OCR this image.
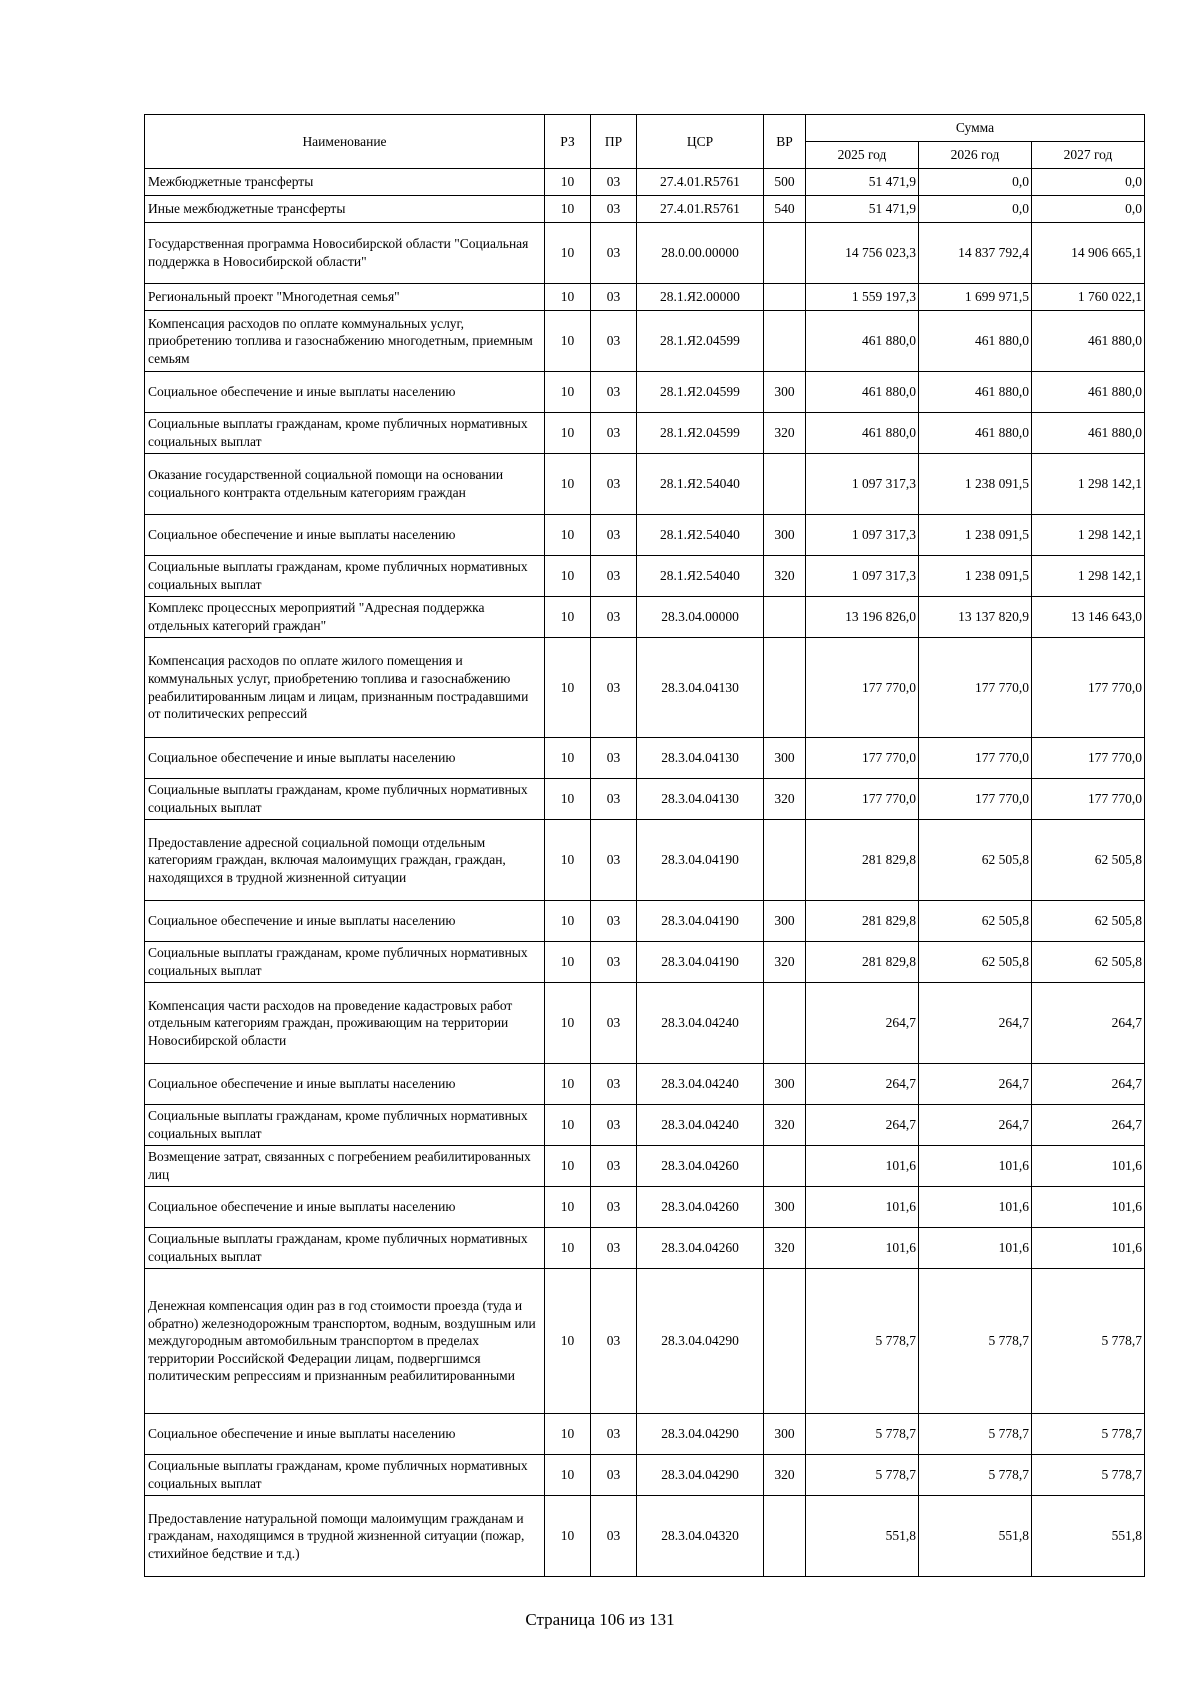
Наименование	РЗ	ПР	ЦСР	ВР	Сумма		
					2025 год	2026 год	2027 год
Межбюджетные трансферты	10	03	27.4.01.R5761	500	51 471,9	0,0	0,0
Иные межбюджетные трансферты	10	03	27.4.01.R5761	540	51 471,9	0,0	0,0
Государственная программа Новосибирской области "Социальная поддержка в Новосибирской области"	10	03	28.0.00.00000		14 756 023,3	14 837 792,4	14 906 665,1
Региональный проект "Многодетная семья"	10	03	28.1.Я2.00000		1 559 197,3	1 699 971,5	1 760 022,1
Компенсация расходов по оплате коммунальных услуг, приобретению топлива и газоснабжению многодетным, приемным семьям	10	03	28.1.Я2.04599		461 880,0	461 880,0	461 880,0
Социальное обеспечение и иные выплаты населению	10	03	28.1.Я2.04599	300	461 880,0	461 880,0	461 880,0
Социальные выплаты гражданам, кроме публичных нормативных социальных выплат	10	03	28.1.Я2.04599	320	461 880,0	461 880,0	461 880,0
Оказание государственной социальной помощи на основании социального контракта отдельным категориям граждан	10	03	28.1.Я2.54040		1 097 317,3	1 238 091,5	1 298 142,1
Социальное обеспечение и иные выплаты населению	10	03	28.1.Я2.54040	300	1 097 317,3	1 238 091,5	1 298 142,1
Социальные выплаты гражданам, кроме публичных нормативных социальных выплат	10	03	28.1.Я2.54040	320	1 097 317,3	1 238 091,5	1 298 142,1
Комплекс процессных мероприятий "Адресная поддержка отдельных категорий граждан"	10	03	28.3.04.00000		13 196 826,0	13 137 820,9	13 146 643,0
Компенсация расходов по оплате жилого помещения и коммунальных услуг, приобретению топлива и газоснабжению реабилитированным лицам и лицам, признанным пострадавшими от политических репрессий	10	03	28.3.04.04130		177 770,0	177 770,0	177 770,0
Социальное обеспечение и иные выплаты населению	10	03	28.3.04.04130	300	177 770,0	177 770,0	177 770,0
Социальные выплаты гражданам, кроме публичных нормативных социальных выплат	10	03	28.3.04.04130	320	177 770,0	177 770,0	177 770,0
Предоставление адресной социальной помощи отдельным категориям граждан, включая малоимущих граждан, граждан, находящихся в трудной жизненной ситуации	10	03	28.3.04.04190		281 829,8	62 505,8	62 505,8
Социальное обеспечение и иные выплаты населению	10	03	28.3.04.04190	300	281 829,8	62 505,8	62 505,8
Социальные выплаты гражданам, кроме публичных нормативных социальных выплат	10	03	28.3.04.04190	320	281 829,8	62 505,8	62 505,8
Компенсация части расходов на проведение кадастровых работ отдельным категориям граждан, проживающим на территории Новосибирской области	10	03	28.3.04.04240		264,7	264,7	264,7
Социальное обеспечение и иные выплаты населению	10	03	28.3.04.04240	300	264,7	264,7	264,7
Социальные выплаты гражданам, кроме публичных нормативных социальных выплат	10	03	28.3.04.04240	320	264,7	264,7	264,7
Возмещение затрат, связанных с погребением реабилитированных лиц	10	03	28.3.04.04260		101,6	101,6	101,6
Социальное обеспечение и иные выплаты населению	10	03	28.3.04.04260	300	101,6	101,6	101,6
Социальные выплаты гражданам, кроме публичных нормативных социальных выплат	10	03	28.3.04.04260	320	101,6	101,6	101,6
Денежная компенсация один раз в год стоимости проезда (туда и обратно) железнодорожным транспортом, водным, воздушным или междугородным автомобильным транспортом в пределах территории Российской Федерации лицам, подвергшимся политическим репрессиям и признанным реабилитированными	10	03	28.3.04.04290		5 778,7	5 778,7	5 778,7
Социальное обеспечение и иные выплаты населению	10	03	28.3.04.04290	300	5 778,7	5 778,7	5 778,7
Социальные выплаты гражданам, кроме публичных нормативных социальных выплат	10	03	28.3.04.04290	320	5 778,7	5 778,7	5 778,7
Предоставление натуральной помощи малоимущим гражданам и гражданам, находящимся в трудной жизненной ситуации (пожар, стихийное бедствие и т.д.)	10	03	28.3.04.04320		551,8	551,8	551,8
Страница 106 из 131
